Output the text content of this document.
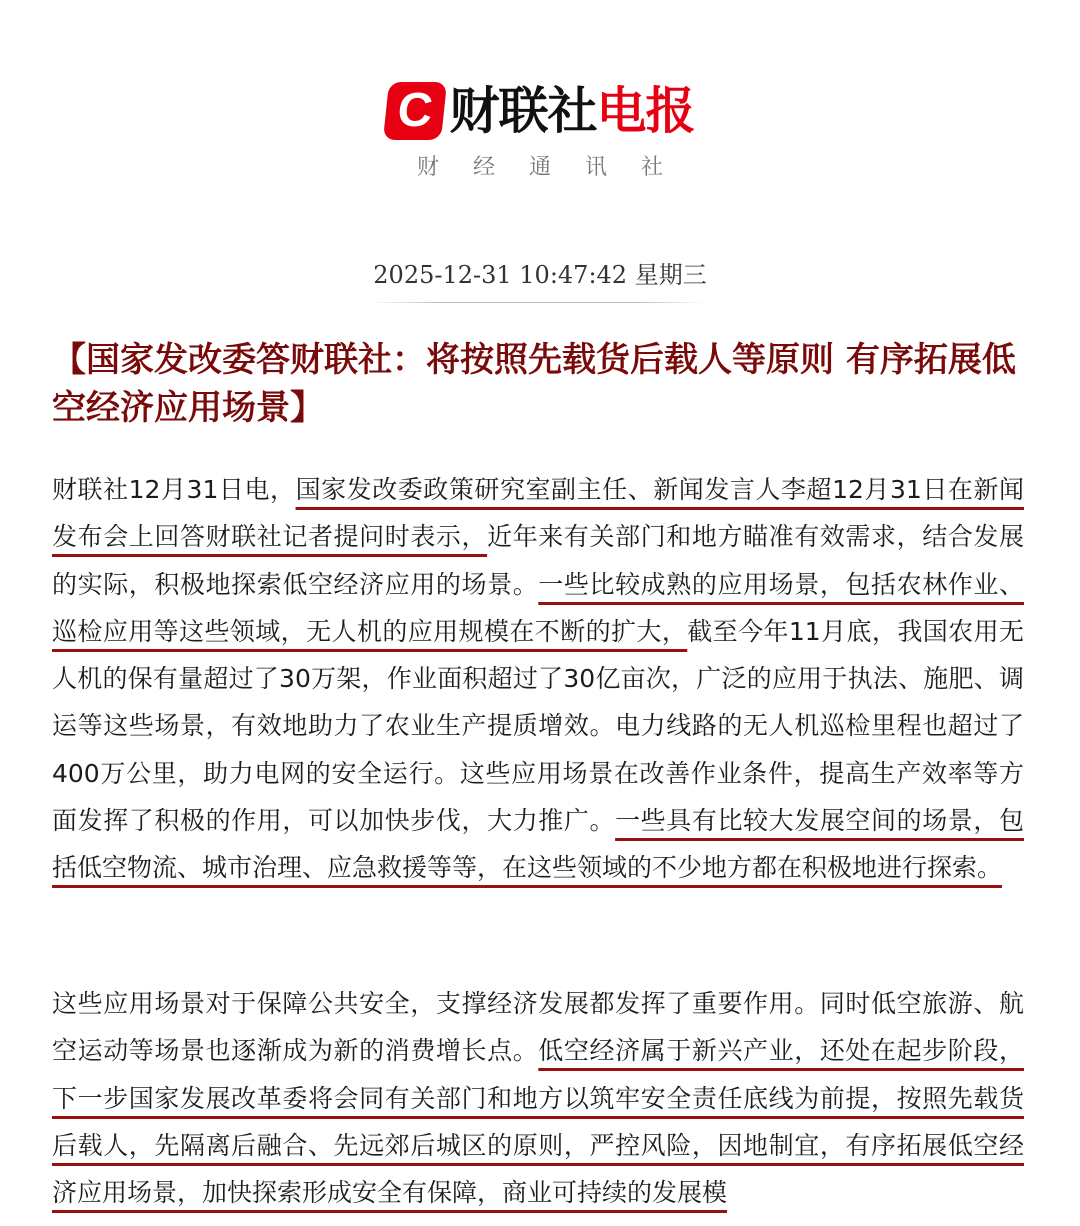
C 财联社 电报
财经通讯社
2025-12-31 10:47:42 星期三
【国家发改委答财联社：将按照先载货后载人等原则 有序拓展低空经济应用场景】

财联社12月31日电，国家发改委政策研究室副主任、新闻发言人李超12月31日在新闻发布会上回答财联社记者提问时表示，近年来有关部门和地方瞄准有效需求，结合发展的实际，积极地探索低空经济应用的场景。一些比较成熟的应用场景，包括农林作业、巡检应用等这些领域，无人机的应用规模在不断的扩大，截至今年11月底，我国农用无人机的保有量超过了30万架，作业面积超过了30亿亩次，广泛的应用于执法、施肥、调运等这些场景，有效地助力了农业生产提质增效。电力线路的无人机巡检里程也超过了400万公里，助力电网的安全运行。这些应用场景在改善作业条件，提高生产效率等方面发挥了积极的作用，可以加快步伐，大力推广。一些具有比较大发展空间的场景，包括低空物流、城市治理、应急救援等等，在这些领域的不少地方都在积极地进行探索。

这些应用场景对于保障公共安全，支撑经济发展都发挥了重要作用。同时低空旅游、航空运动等场景也逐渐成为新的消费增长点。低空经济属于新兴产业，还处在起步阶段，下一步国家发展改革委将会同有关部门和地方以筑牢安全责任底线为前提，按照先载货后载人，先隔离后融合、先远郊后城区的原则，严控风险，因地制宜，有序拓展低空经济应用场景，加快探索形成安全有保障，商业可持续的发展模
